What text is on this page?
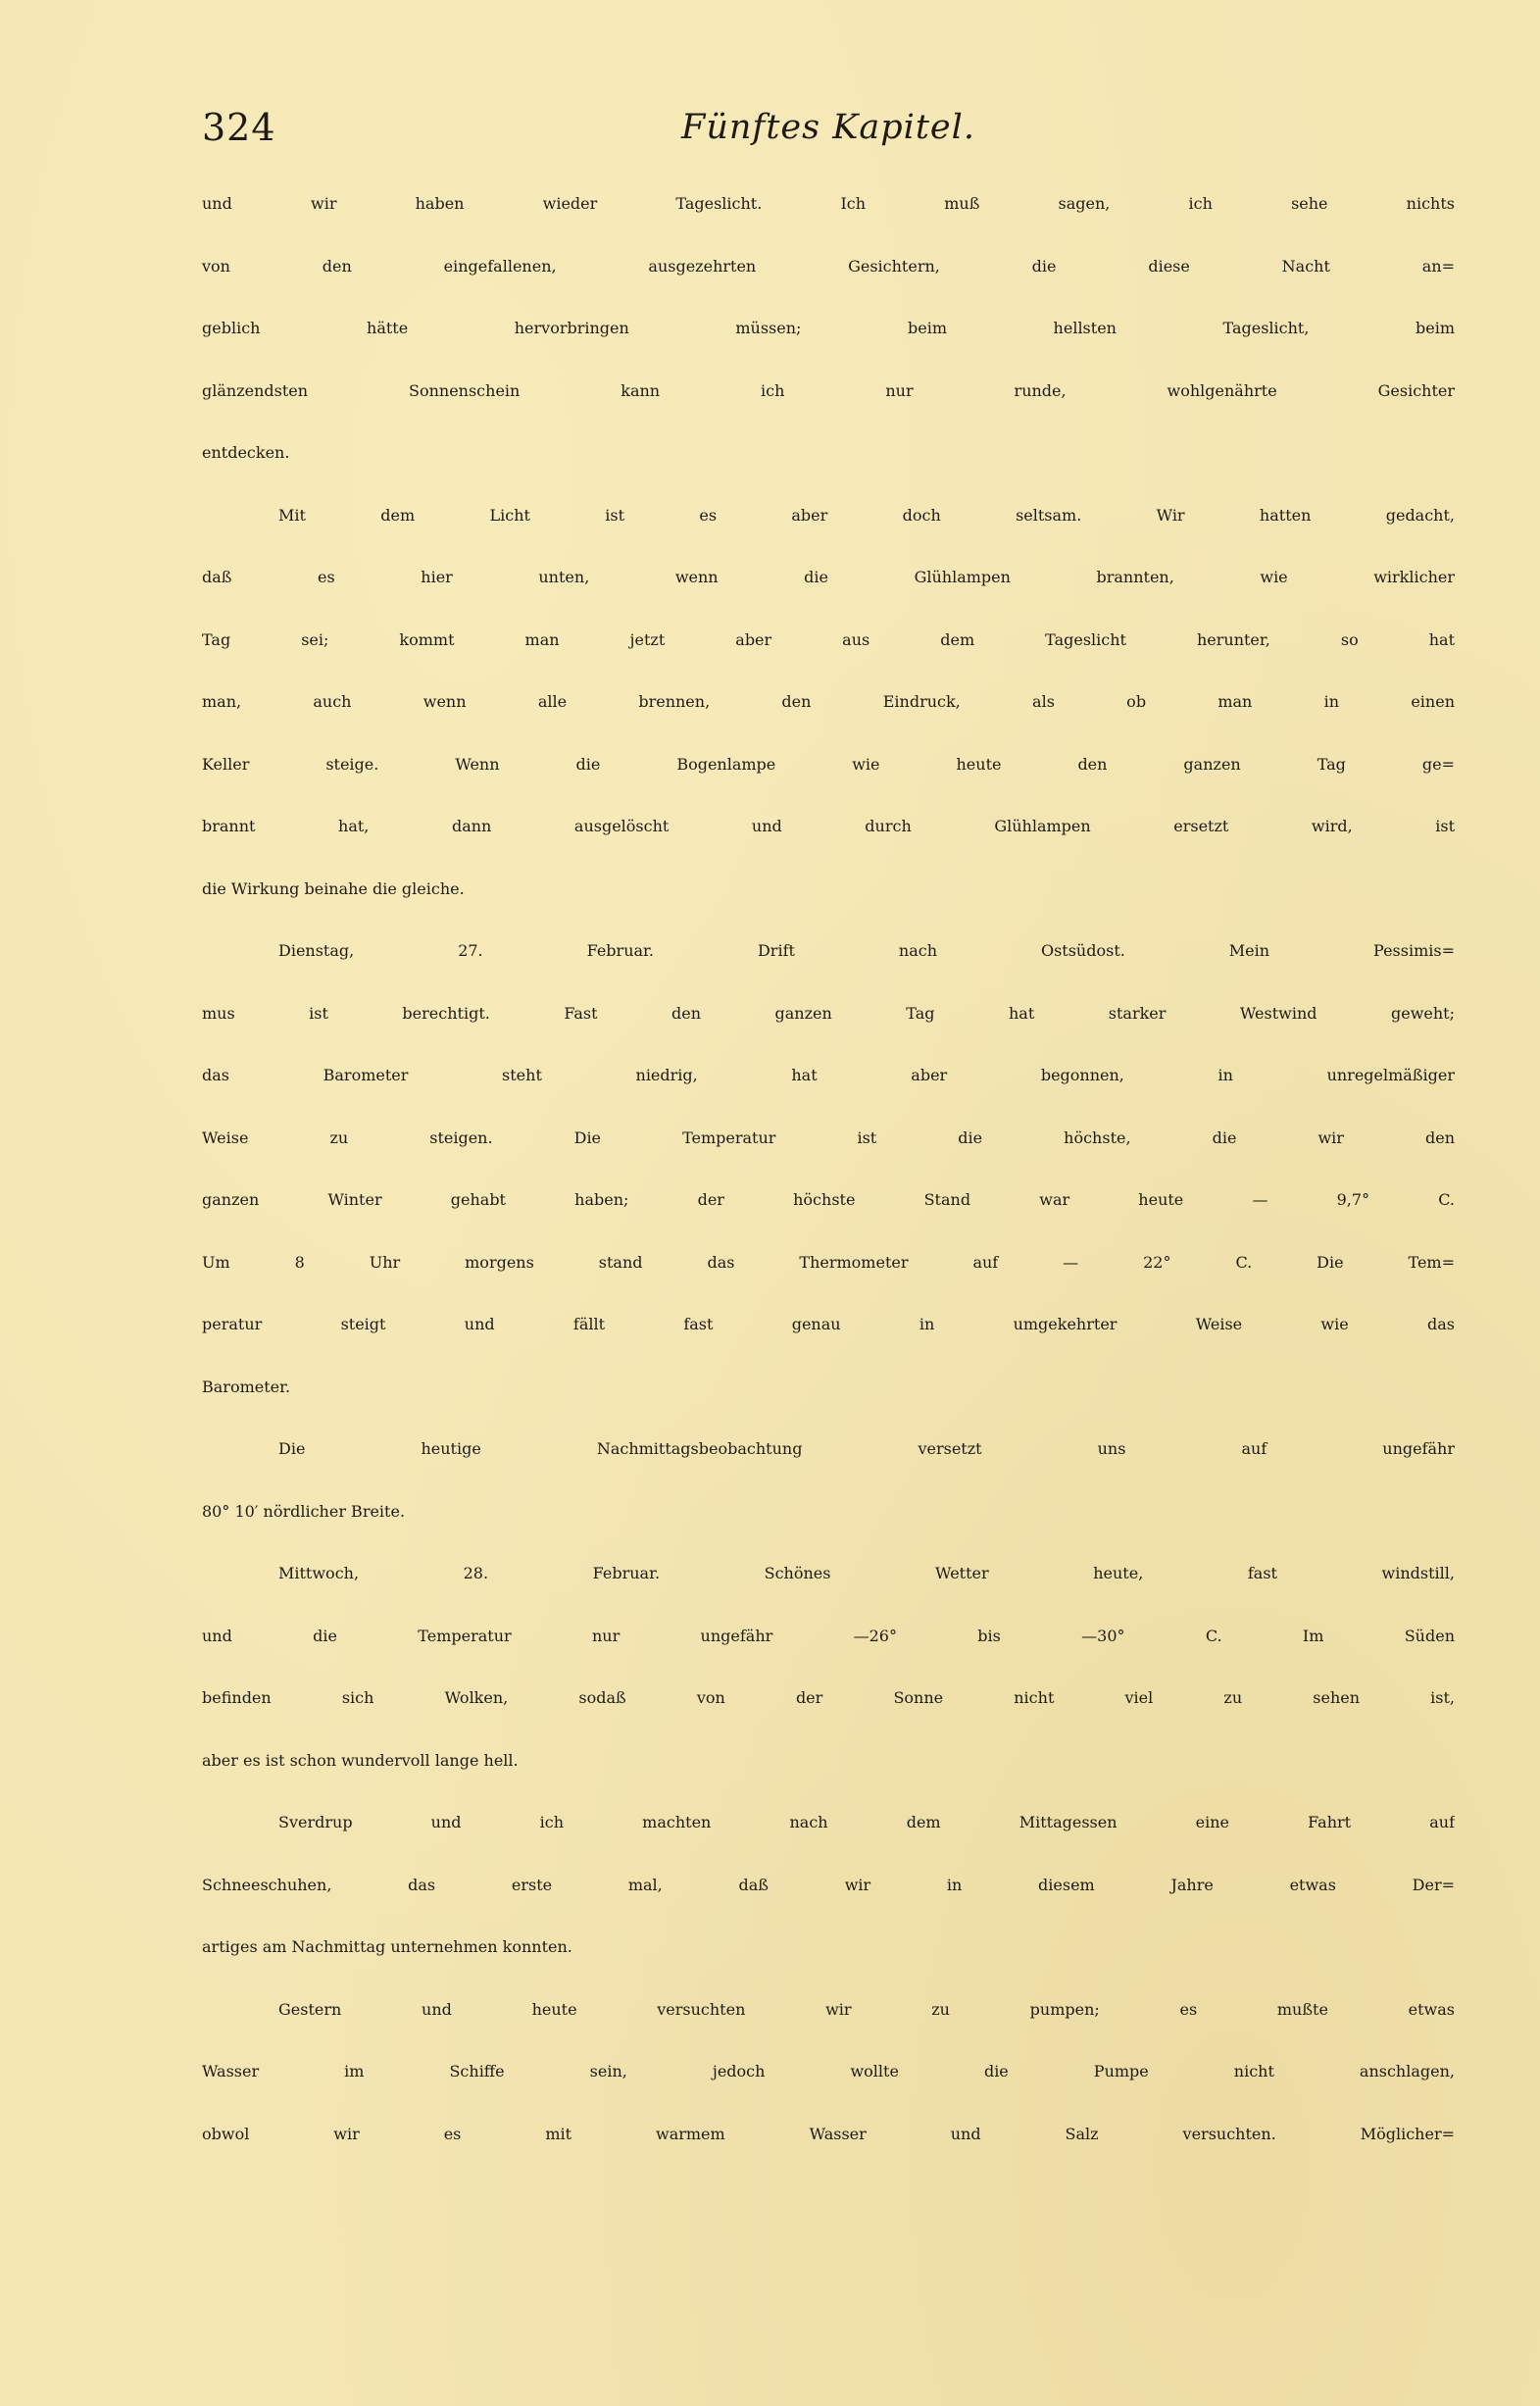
324	Fünftes Kapitel.
und wir haben wieder Tageslicht. Ich muß sagen, ich sehe nichts
von den eingefallenen, ausgezehrten Gesichtern, die diese Nacht an=
geblich hätte hervorbringen müssen; beim hellsten Tageslicht, beim
glänzendsten Sonnenschein kann ich nur runde, wohlgenährte Gesichter
entdecken.
Mit dem Licht ist es aber doch seltsam. Wir hatten gedacht,
daß es hier unten, wenn die Glühlampen brannten, wie wirklicher
Tag sei; kommt man jetzt aber aus dem Tageslicht herunter, so hat
man, auch wenn alle brennen, den Eindruck, als ob man in einen
Keller steige. Wenn die Bogenlampe wie heute den ganzen Tag ge=
brannt hat, dann ausgelöscht und durch Glühlampen ersetzt wird, ist
die Wirkung beinahe die gleiche.
Dienstag, 27. Februar. Drift nach Ostsüdost. Mein Pessimis=
mus ist berechtigt. Fast den ganzen Tag hat starker Westwind geweht;
das Barometer steht niedrig, hat aber begonnen, in unregelmäßiger
Weise zu steigen. Die Temperatur ist die höchste, die wir den
ganzen Winter gehabt haben; der höchste Stand war heute — 9,7° C.
Um 8 Uhr morgens stand das Thermometer auf — 22° C. Die Tem=
peratur steigt und fällt fast genau in umgekehrter Weise wie das
Barometer.
Die heutige Nachmittagsbeobachtung versetzt uns auf ungefähr
80° 10′ nördlicher Breite.
Mittwoch, 28. Februar. Schönes Wetter heute, fast windstill,
und die Temperatur nur ungefähr —26° bis —30° C. Im Süden
befinden sich Wolken, sodaß von der Sonne nicht viel zu sehen ist,
aber es ist schon wundervoll lange hell.
Sverdrup und ich machten nach dem Mittagessen eine Fahrt auf
Schneeschuhen, das erste mal, daß wir in diesem Jahre etwas Der=
artiges am Nachmittag unternehmen konnten.
Gestern und heute versuchten wir zu pumpen; es mußte etwas
Wasser im Schiffe sein, jedoch wollte die Pumpe nicht anschlagen,
obwol wir es mit warmem Wasser und Salz versuchten. Möglicher=
